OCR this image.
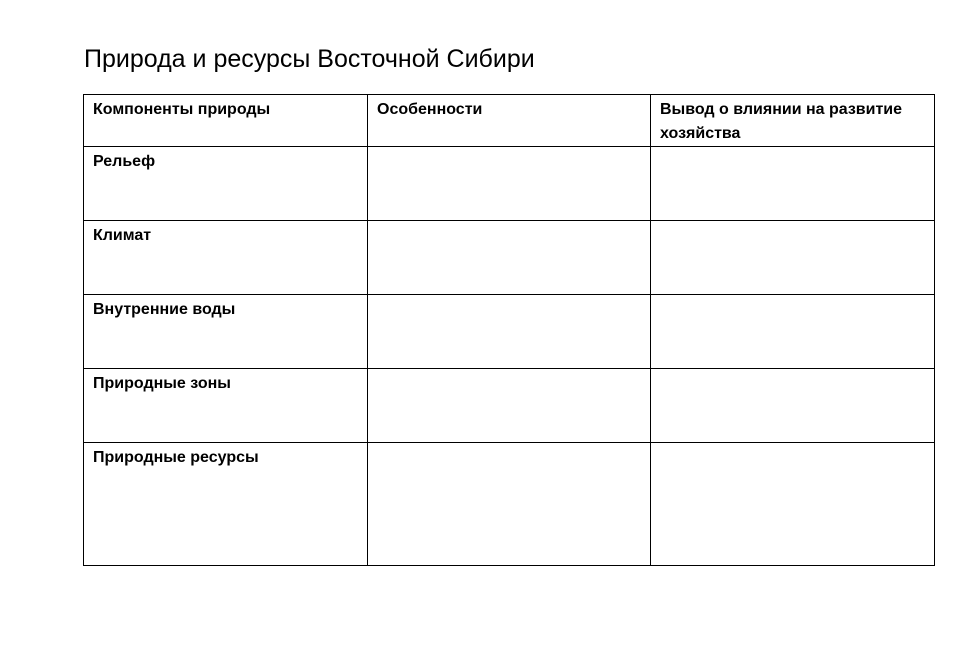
Природа и ресурсы Восточной Сибири
Компоненты природы	Особенности	Вывод о влиянии на развитие хозяйства
Рельеф		
Климат		
Внутренние воды		
Природные зоны		
Природные ресурсы		
